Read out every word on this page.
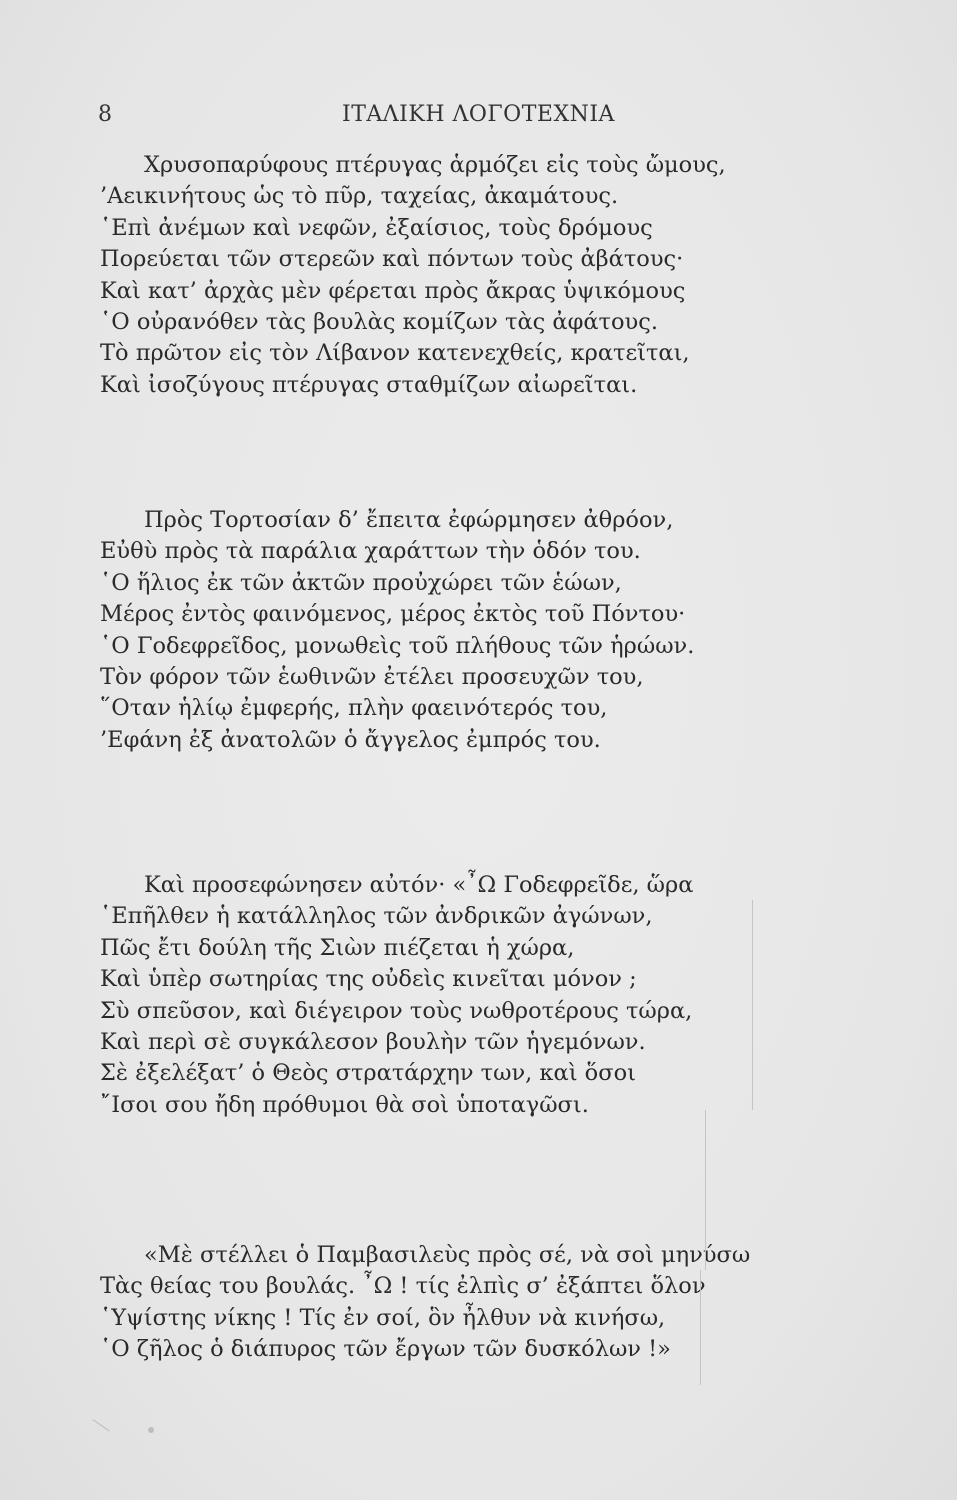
8	ΙΤΑΛΙΚΗ ΛΟΓΟΤΕΧΝΙΑ
Χρυσοπαρύφους πτέρυγας ἁρμόζει εἰς τοὺς ὤμους,
’Αεικινήτους ὡς τὸ πῦρ, ταχείας, ἀκαμάτους.
῾Επὶ ἀνέμων καὶ νεφῶν, ἐξαίσιος, τοὺς δρόμους
Πορεύεται τῶν στερεῶν καὶ πόντων τοὺς ἀβάτους·
Καὶ κατ’ ἀρχὰς μὲν φέρεται πρὸς ἄκρας ὑψικόμους
῾Ο οὐρανόθεν τὰς βουλὰς κομίζων τὰς ἀφάτους.
Τὸ πρῶτον εἰς τὸν Λίβανον κατενεχθείς, κρατεῖται,
Καὶ ἰσοζύγους πτέρυγας σταθμίζων αἰωρεῖται.
Πρὸς Τορτοσίαν δ’ ἔπειτα ἐφώρμησεν ἀθρόον,
Εὐθὺ πρὸς τὰ παράλια χαράττων τὴν ὁδόν του.
῾Ο ἥλιος ἐκ τῶν ἀκτῶν προὐχώρει τῶν ἑώων,
Μέρος ἐντὸς φαινόμενος, μέρος ἐκτὸς τοῦ Πόντου·
῾Ο Γοδεφρεῖδος, μονωθεὶς τοῦ πλήθους τῶν ἡρώων.
Τὸν φόρον τῶν ἑωθινῶν ἐτέλει προσευχῶν του,
῞Οταν ἡλίῳ ἐμφερής, πλὴν φαεινότερός του,
’Εφάνη ἐξ ἀνατολῶν ὁ ἄγγελος ἐμπρός του.
Καὶ προσεφώνησεν αὐτόν· «῏Ω Γοδεφρεῖδε, ὥρα
῾Επῆλθεν ἡ κατάλληλος τῶν ἀνδρικῶν ἀγώνων,
Πῶς ἔτι δούλη τῆς Σιὼν πιέζεται ἡ χώρα,
Καὶ ὑπὲρ σωτηρίας της οὐδεὶς κινεῖται μόνον ;
Σὺ σπεῦσον, καὶ διέγειρον τοὺς νωθροτέρους τώρα,
Καὶ περὶ σὲ συγκάλεσον βουλὴν τῶν ἡγεμόνων.
Σὲ ἐξελέξατ’ ὁ Θεὸς στρατάρχην των, καὶ ὅσοι
῎Ισοι σου ἤδη πρόθυμοι θὰ σοὶ ὑποταγῶσι.
«Μὲ στέλλει ὁ Παμβασιλεὺς πρὸς σέ, νὰ σοὶ μηνύσω
Τὰς θείας του βουλάς. ῏Ω ! τίς ἐλπὶς σ’ ἐξάπτει ὅλον
῾Υψίστης νίκης ! Τίς ἐν σοί, ὃν ἦλθυν νὰ κινήσω,
῾Ο ζῆλος ὁ διάπυρος τῶν ἔργων τῶν δυσκόλων !»
